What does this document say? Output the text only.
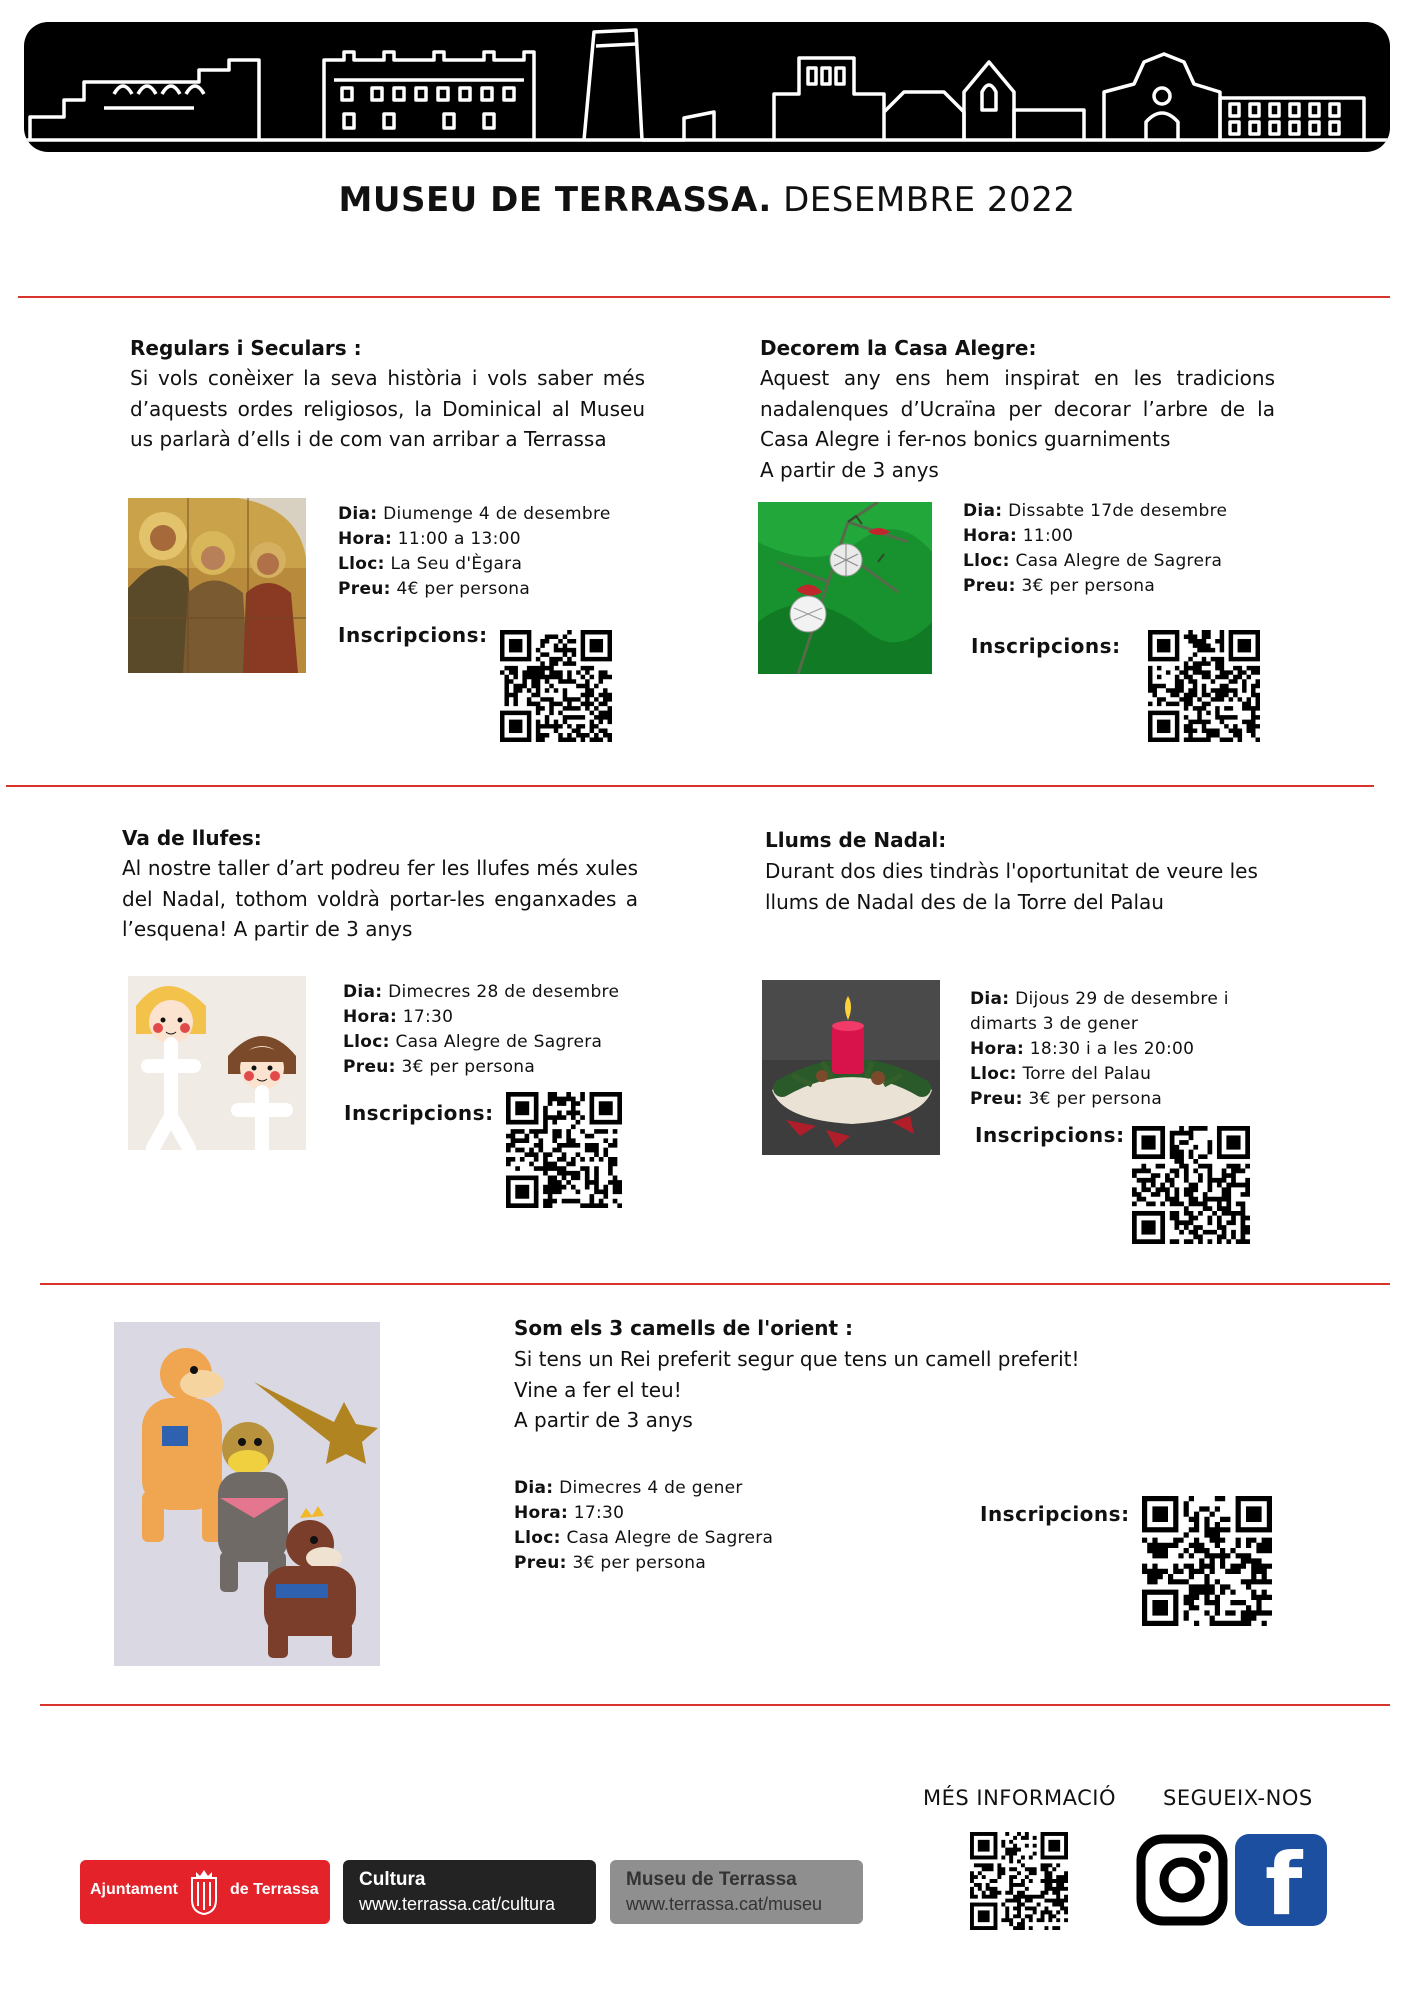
MUSEU DE TERRASSA. DESEMBRE 2022
Regulars i Seculars :

Si vols conèixer la seva història i vols saber més d’aquests ordes religiosos, la Dominical al Museu us parlarà d’ells i de com van arribar a Terrassa

Dia: Diumenge 4 de desembre
Hora: 11:00 a 13:00
Lloc: La Seu d'Ègara
Preu: 4€ per persona
Inscripcions:
Decorem la Casa Alegre:

Aquest any ens hem inspirat en les tradicions nadalenques d’Ucraïna per decorar l’arbre de la Casa Alegre i fer-nos bonics guarniments

A partir de 3 anys

Dia: Dissabte 17de desembre
Hora: 11:00
Lloc: Casa Alegre de Sagrera
Preu: 3€ per persona
Inscripcions:
Va de llufes:

Al nostre taller d’art podreu fer les llufes més xules del Nadal, tothom voldrà portar-les enganxades a l’esquena! A partir de 3 anys

Dia: Dimecres 28 de desembre
Hora: 17:30
Lloc: Casa Alegre de Sagrera
Preu: 3€ per persona
Inscripcions:
Llums de Nadal:

Durant dos dies tindràs l'oportunitat de veure les llums de Nadal des de la Torre del Palau

Dia: Dijous 29 de desembre i dimarts 3 de gener
Hora: 18:30 i a les 20:00
Lloc: Torre del Palau
Preu: 3€ per persona
Inscripcions:
Som els 3 camells de l'orient :

Si tens un Rei preferit segur que tens un camell preferit!

Vine a fer el teu!

A partir de 3 anys

Dia: Dimecres 4 de gener
Hora: 17:30
Lloc: Casa Alegre de Sagrera
Preu: 3€ per persona
Inscripcions:
MÉS INFORMACIÓ SEGUEIX-NOS
f
Ajuntament	de Terrassa Cultura
www.terrassa.cat/cultura
Museu de Terrassa
www.terrassa.cat/museu
